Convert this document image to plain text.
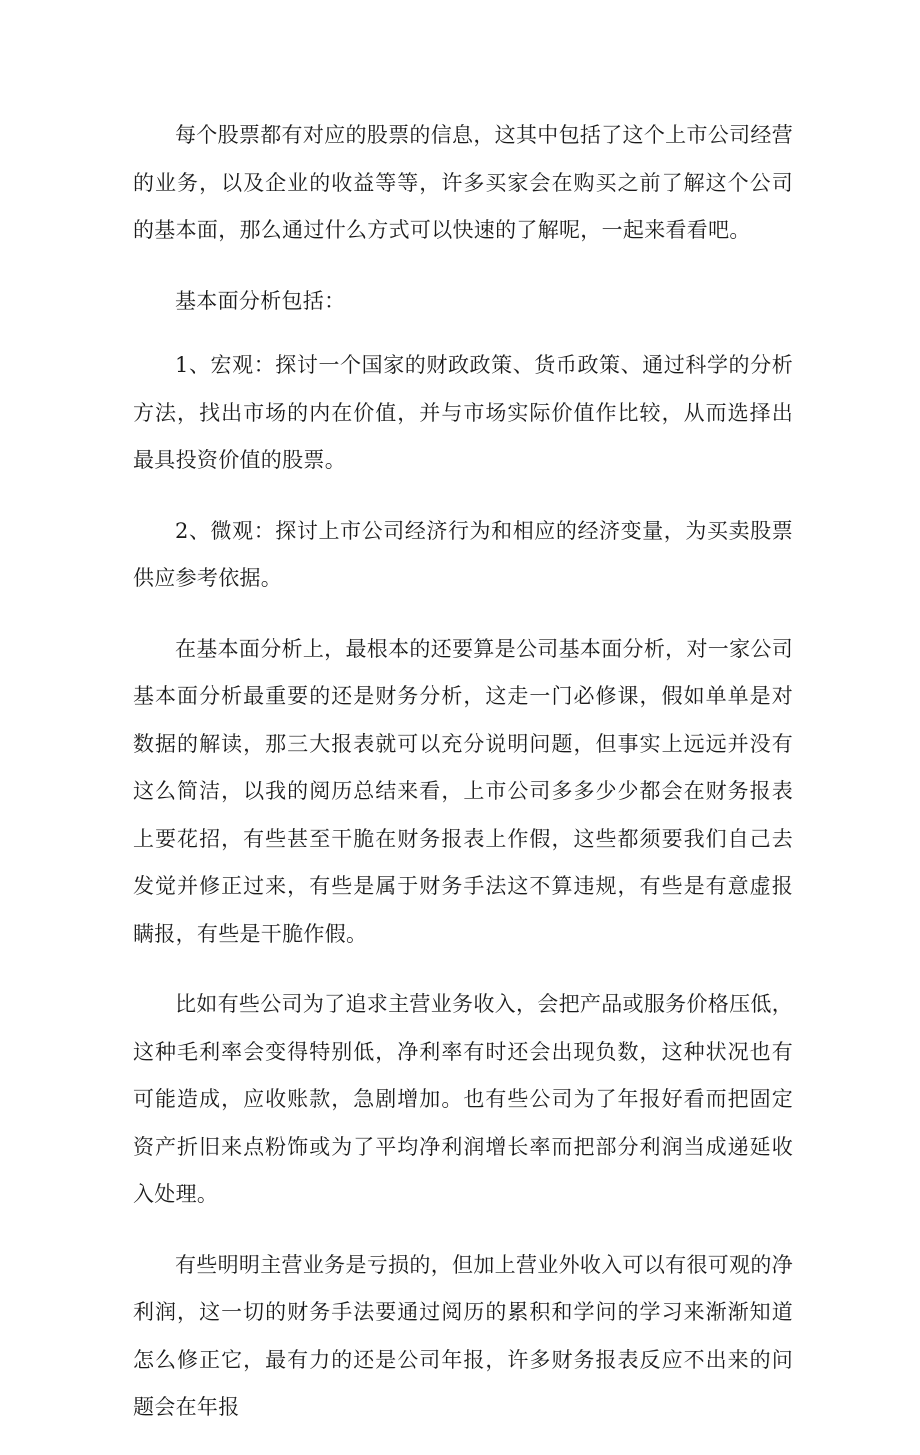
每个股票都有对应的股票的信息，这其中包括了这个上市公司经营的业务，以及企业的收益等等，许多买家会在购买之前了解这个公司的基本面，那么通过什么方式可以快速的了解呢，一起来看看吧。

基本面分析包括：

1、宏观：探讨一个国家的财政政策、货币政策、通过科学的分析方法，找出市场的内在价值，并与市场实际价值作比较，从而选择出最具投资价值的股票。

2、微观：探讨上市公司经济行为和相应的经济变量，为买卖股票供应参考依据。

在基本面分析上，最根本的还要算是公司基本面分析，对一家公司基本面分析最重要的还是财务分析，这走一门必修课，假如单单是对数据的解读，那三大报表就可以充分说明问题，但事实上远远并没有这么简洁，以我的阅历总结来看，上市公司多多少少都会在财务报表上要花招，有些甚至干脆在财务报表上作假，这些都须要我们自己去发觉并修正过来，有些是属于财务手法这不算违规，有些是有意虚报瞒报，有些是干脆作假。

比如有些公司为了追求主营业务收入，会把产品或服务价格压低，这种毛利率会变得特别低，净利率有时还会出现负数，这种状况也有可能造成，应收账款，急剧增加。也有些公司为了年报好看而把固定资产折旧来点粉饰或为了平均净利润增长率而把部分利润当成递延收入处理。

有些明明主营业务是亏损的，但加上营业外收入可以有很可观的净利润，这一切的财务手法要通过阅历的累积和学问的学习来渐渐知道怎么修正它，最有力的还是公司年报，许多财务报表反应不出来的问题会在年报
